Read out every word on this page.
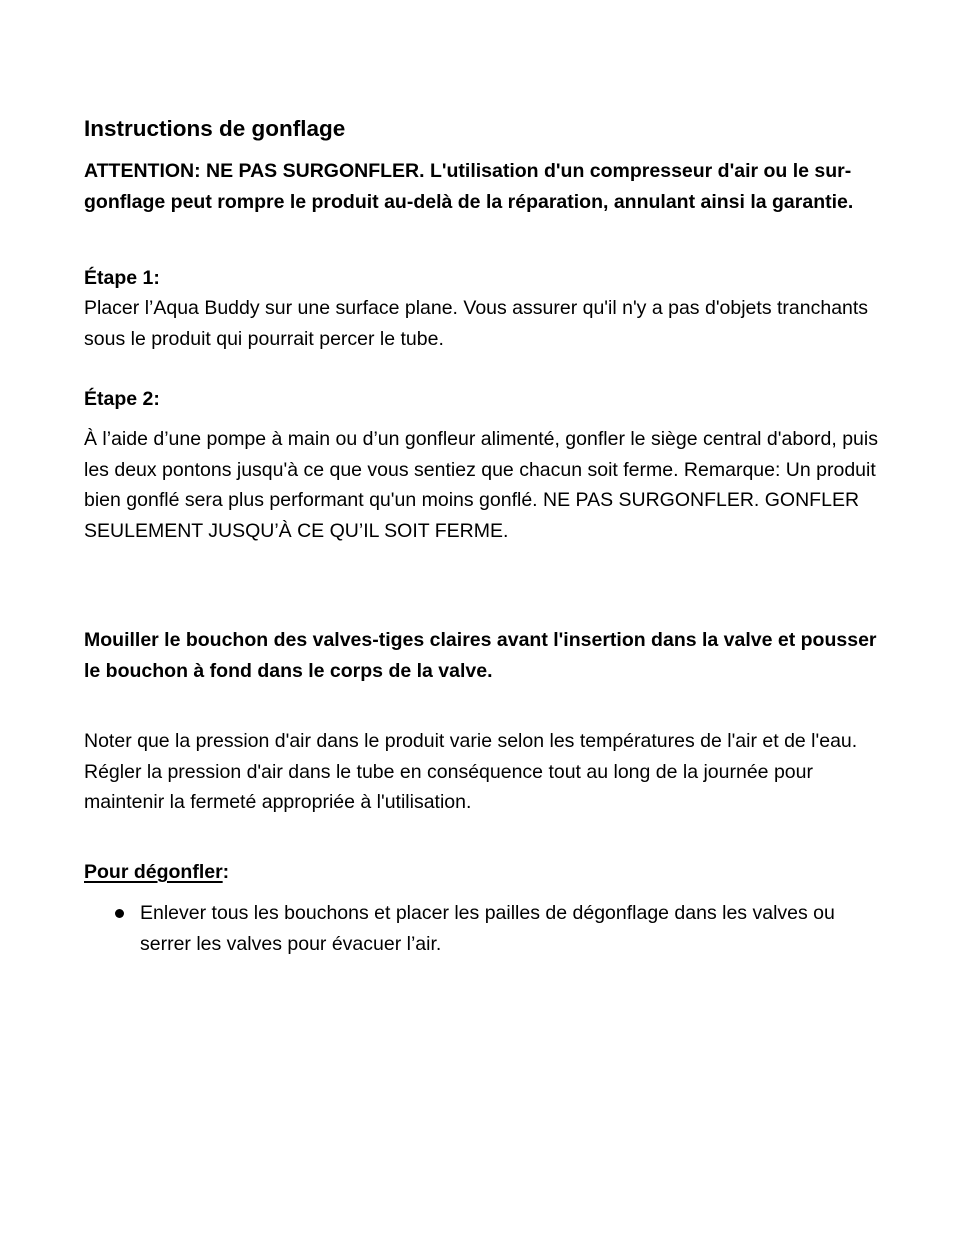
Instructions de gonflage

ATTENTION: NE PAS SURGONFLER. L'utilisation d'un compresseur d'air ou le sur-gonflage peut rompre le produit au-delà de la réparation, annulant ainsi la garantie.

Étape 1:

Placer l’Aqua Buddy sur une surface plane. Vous assurer qu'il n'y a pas d'objets tranchants sous le produit qui pourrait percer le tube.

Étape 2:

À l’aide d’une pompe à main ou d’un gonfleur alimenté, gonfler le siège central d'abord, puis les deux pontons jusqu'à ce que vous sentiez que chacun soit ferme. Remarque: Un produit bien gonflé sera plus performant qu'un moins gonflé. NE PAS SURGONFLER. GONFLER SEULEMENT JUSQU’À CE QU’IL SOIT FERME.

Mouiller le bouchon des valves-tiges claires avant l'insertion dans la valve et pousser le bouchon à fond dans le corps de la valve.

Noter que la pression d'air dans le produit varie selon les températures de l'air et de l'eau. Régler la pression d'air dans le tube en conséquence tout au long de la journée pour maintenir la fermeté appropriée à l'utilisation.

Pour dégonfler:
Enlever tous les bouchons et placer les pailles de dégonflage dans les valves ou serrer les valves pour évacuer l’air.
